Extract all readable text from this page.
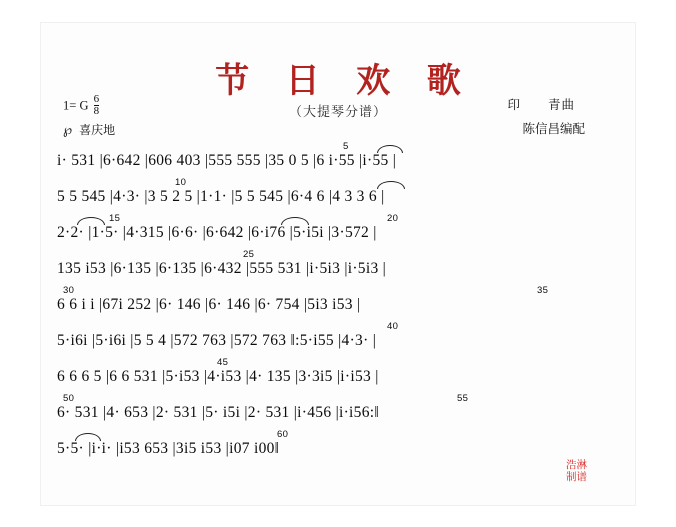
节 日 欢 歌
（大提琴分谱）
1= G $\frac{6}{8}$
℘ 喜庆地
印　　青曲
陈信昌编配
5
i· 531 |6·642 |606 403 |555 555 |35 0 5 |6 i·55 |i·55 |
10
5 5 545 |4·3· |3 5 2 5 |1·1· |5 5 545 |6·4 6 |4 3 3 6 |
15	20
2·2· |1·5· |4·315 |6·6· |6·642 |6·i76 |5·i5i |3·572 |
25
135 i53 |6·135 |6·135 |6·432 |555 531 |i·5i3 |i·5i3 |
30	35
6 6 i i |67i 252 |6· 146 |6· 146 |6· 754 |5i3 i53 |
40
5·i6i |5·i6i |5 5 4 |572 763 |572 763 ‖:5·i55 |4·3· |
45
6 6 6 5 |6 6 531 |5·i53 |4·i53 |4· 135 |3·3i5 |i·i53 |
50	55
6· 531 |4· 653 |2· 531 |5· i5i |2· 531 |i·456 |i·i56:‖
60
5·5· |i·i· |i53 653 |3i5 i53 |i07 i00‖
浩淋
制谱
